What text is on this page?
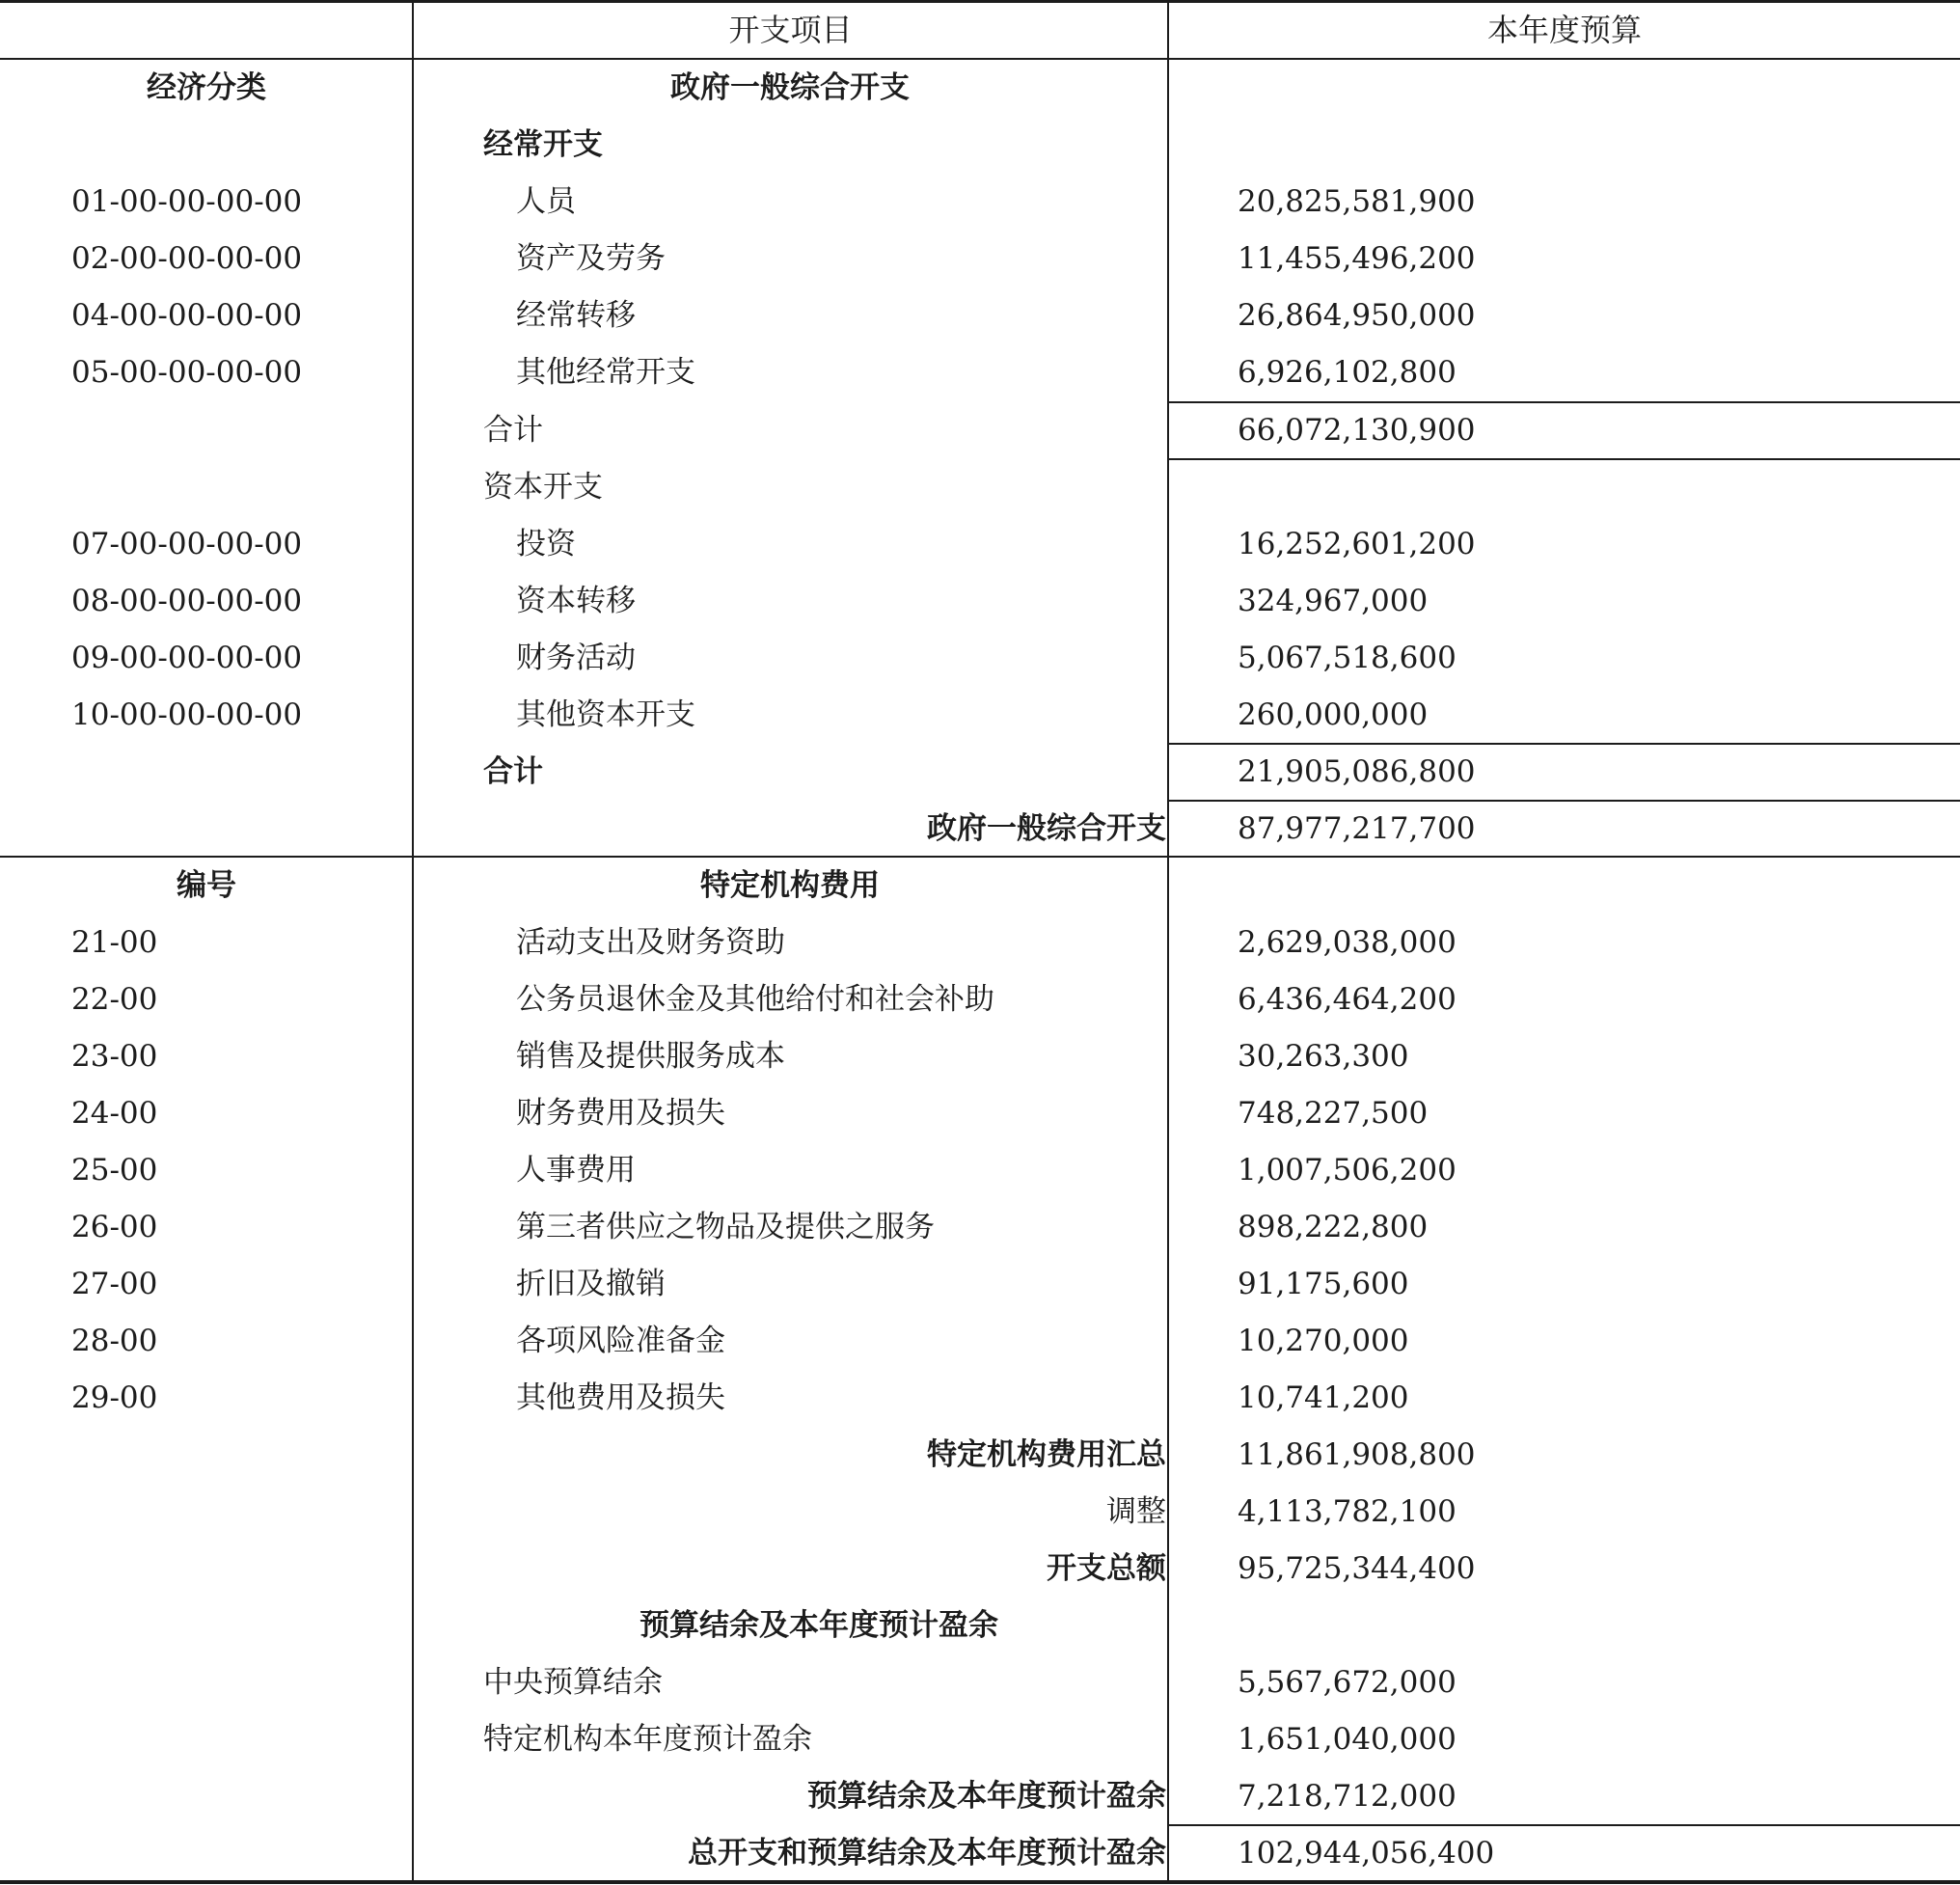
开支项目	本年度预算
经济分类	政府一般综合开支
经常开支
01-00-00-00-00	人员	20,825,581,900
02-00-00-00-00	资产及劳务	11,455,496,200
04-00-00-00-00	经常转移	26,864,950,000
05-00-00-00-00	其他经常开支	6,926,102,800
合计	66,072,130,900
资本开支
07-00-00-00-00	投资	16,252,601,200
08-00-00-00-00	资本转移	324,967,000
09-00-00-00-00	财务活动	5,067,518,600
10-00-00-00-00	其他资本开支	260,000,000
合计	21,905,086,800
政府一般综合开支 87,977,217,700
编号	特定机构费用
21-00	活动支出及财务资助	2,629,038,000
22-00	公务员退休金及其他给付和社会补助	6,436,464,200
23-00	销售及提供服务成本	30,263,300
24-00	财务费用及损失	748,227,500
25-00	人事费用	1,007,506,200
26-00	第三者供应之物品及提供之服务	898,222,800
27-00	折旧及撤销	91,175,600
28-00	各项风险准备金	10,270,000
29-00	其他费用及损失	10,741,200
特定机构费用汇总 11,861,908,800
调整 4,113,782,100
开支总额 95,725,344,400
预算结余及本年度预计盈余
中央预算结余	5,567,672,000
特定机构本年度预计盈余	1,651,040,000
预算结余及本年度预计盈余 7,218,712,000
总开支和预算结余及本年度预计盈余 102,944,056,400
